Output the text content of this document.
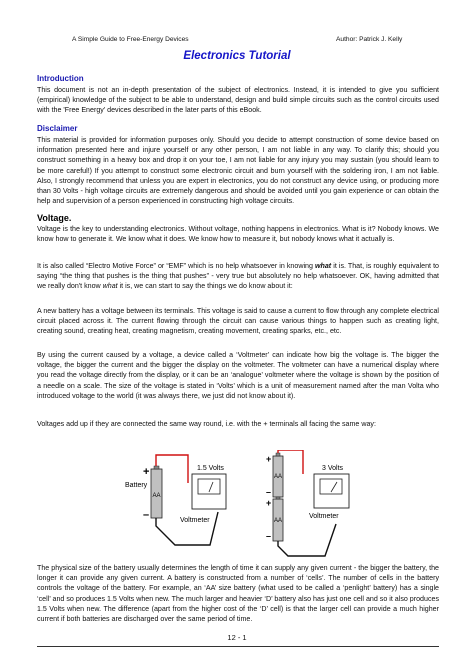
A Simple Guide to Free-Energy Devices	Author: Patrick J. Kelly
Electronics Tutorial
Introduction
This document is not an in-depth presentation of the subject of electronics. Instead, it is intended to give you sufficient (empirical) knowledge of the subject to be able to understand, design and build simple circuits such as the control circuits used with the 'Free Energy' devices described in the later parts of this eBook.
Disclaimer
This material is provided for information purposes only. Should you decide to attempt construction of some device based on information presented here and injure yourself or any other person, I am not liable in any way. To clarify this; should you construct something in a heavy box and drop it on your toe, I am not liable for any injury you may sustain (you should learn to be more careful!) If you attempt to construct some electronic circuit and burn yourself with the soldering iron, I am not liable. Also, I strongly recommend that unless you are expert in electronics, you do not construct any device using, or producing more than 30 Volts - high voltage circuits are extremely dangerous and should be avoided until you gain experience or can obtain the help and supervision of a person experienced in constructing high voltage circuits.
Voltage.
Voltage is the key to understanding electronics. Without voltage, nothing happens in electronics. What is it? Nobody knows. We know how to generate it. We know what it does. We know how to measure it, but nobody knows what it actually is.
It is also called “Electro Motive Force” or “EMF” which is no help whatsoever in knowing what it is. That, is roughly equivalent to saying “the thing that pushes is the thing that pushes” - very true but absolutely no help whatsoever. OK, having admitted that we really don't know what it is, we can start to say the things we do know about it:
A new battery has a voltage between its terminals. This voltage is said to cause a current to flow through any complete electrical circuit placed across it. The current flowing through the circuit can cause various things to happen such as creating light, creating sound, creating heat, creating magnetism, creating movement, creating sparks, etc., etc.
By using the current caused by a voltage, a device called a ‘Voltmeter’ can indicate how big the voltage is. The bigger the voltage, the bigger the current and the bigger the display on the voltmeter. The voltmeter can have a numerical display where you read the voltage directly from the display, or it can be an ‘analogue’ voltmeter where the voltage is shown by the position of a needle on a scale. The size of the voltage is stated in ‘Volts’ which is a unit of measurement named after the man Volta who introduced voltage to the world (it was always there, we just did not know about it).
Voltages add up if they are connected the same way round, i.e. with the + terminals all facing the same way:
Battery
+
–
AA
1.5 Volts
Voltmeter
+
–
+
–
AA
AA
3 Volts
Voltmeter
The physical size of the battery usually determines the length of time it can supply any given current - the bigger the battery, the longer it can provide any given current. A battery is constructed from a number of ‘cells’. The number of cells in the battery controls the voltage of the battery. For example, an ‘AA’ size battery (what used to be called a ‘penlight’ battery) has a single ‘cell’ and so produces 1.5 Volts when new. The much larger and heavier ‘D’ battery also has just one cell and so it also produces 1.5 Volts when new. The difference (apart from the higher cost of the ‘D’ cell) is that the larger cell can provide a much higher current if both batteries are discharged over the same period of time.
12 - 1
